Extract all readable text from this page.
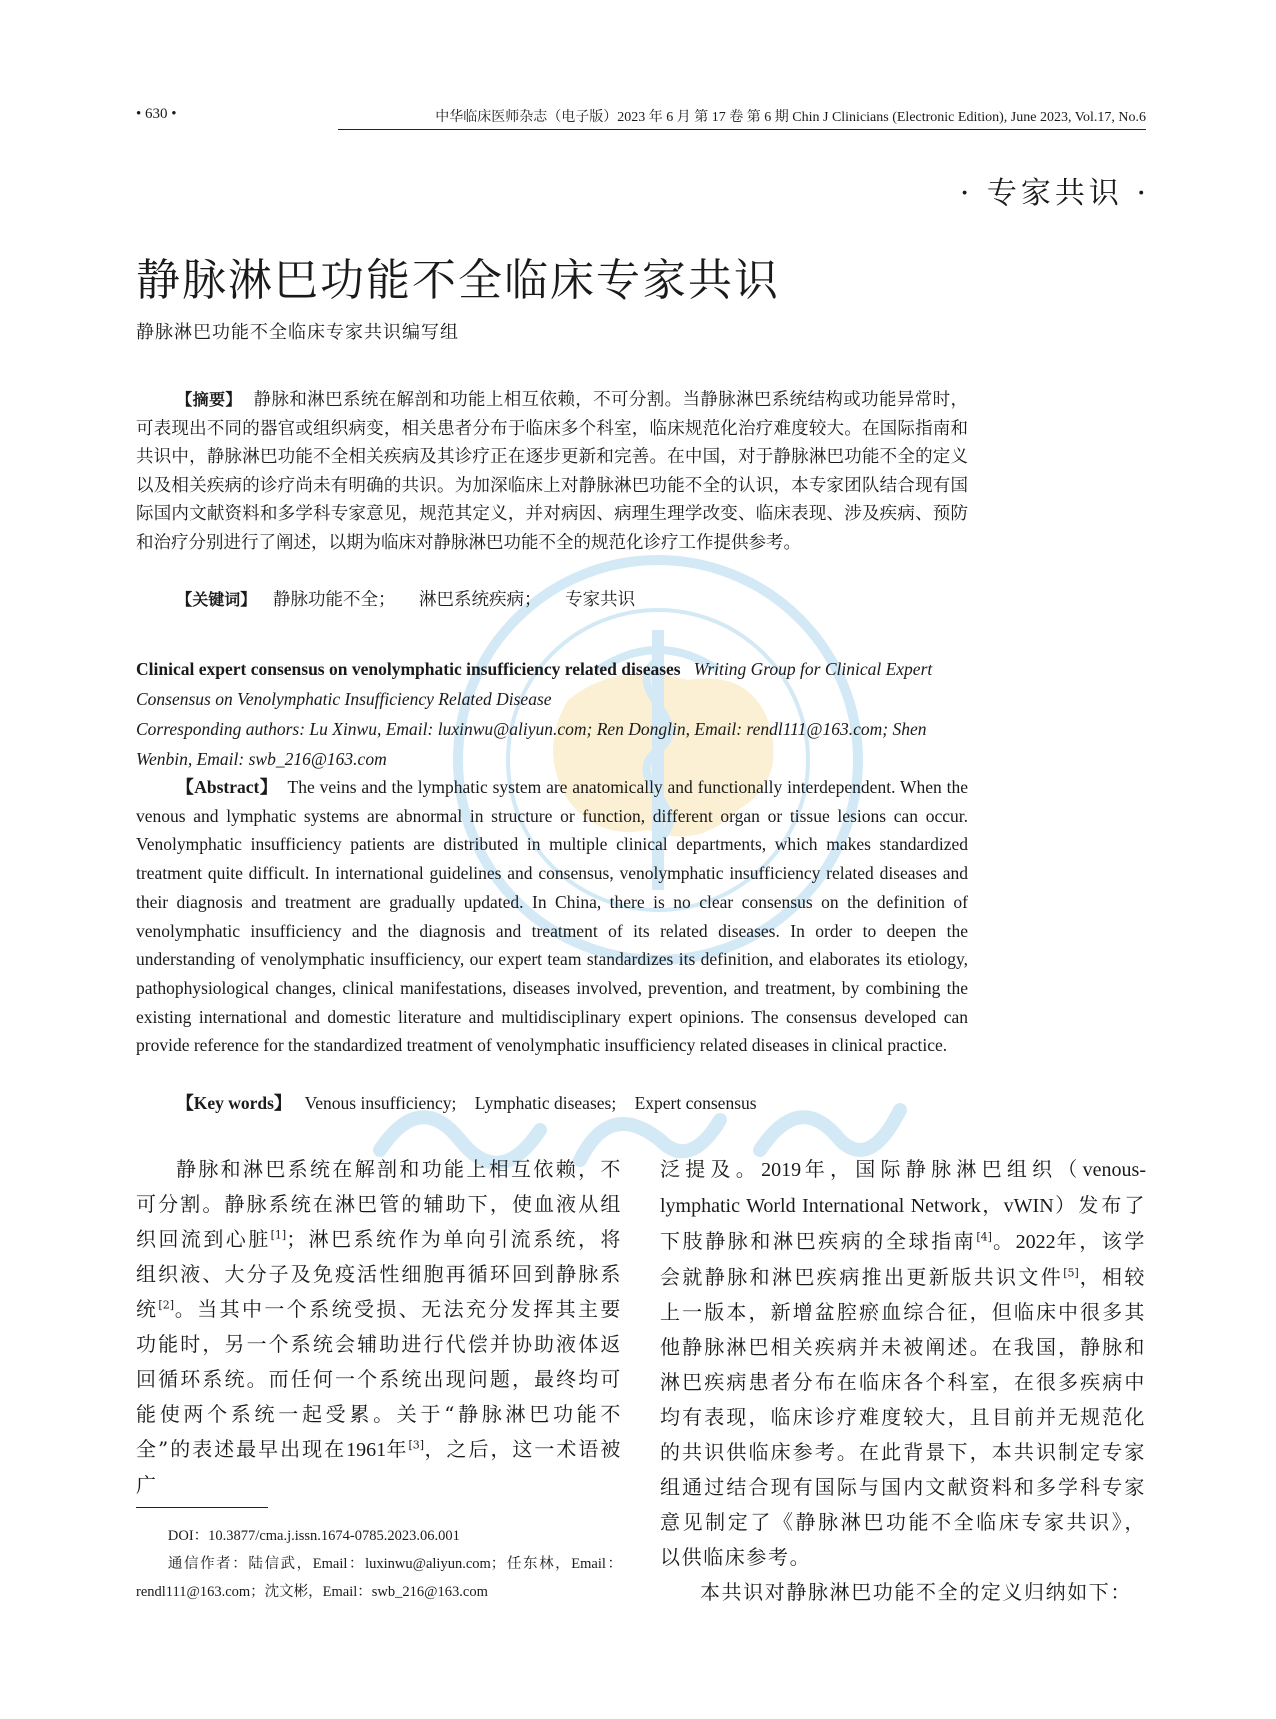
• 630 •	中华临床医师杂志（电子版）2023 年 6 月 第 17 卷 第 6 期 Chin J Clinicians (Electronic Edition), June 2023, Vol.17, No.6
· 专家共识 ·
静脉淋巴功能不全临床专家共识
静脉淋巴功能不全临床专家共识编写组
【摘要】 静脉和淋巴系统在解剖和功能上相互依赖，不可分割。当静脉淋巴系统结构或功能异常时，可表现出不同的器官或组织病变，相关患者分布于临床多个科室，临床规范化治疗难度较大。在国际指南和共识中，静脉淋巴功能不全相关疾病及其诊疗正在逐步更新和完善。在中国，对于静脉淋巴功能不全的定义以及相关疾病的诊疗尚未有明确的共识。为加深临床上对静脉淋巴功能不全的认识，本专家团队结合现有国际国内文献资料和多学科专家意见，规范其定义，并对病因、病理生理学改变、临床表现、涉及疾病、预防和治疗分别进行了阐述，以期为临床对静脉淋巴功能不全的规范化诊疗工作提供参考。
【关键词】 静脉功能不全； 淋巴系统疾病； 专家共识
Clinical expert consensus on venolymphatic insufficiency related diseases Writing Group for Clinical Expert Consensus on Venolymphatic Insufficiency Related Disease
Corresponding authors: Lu Xinwu, Email: luxinwu@aliyun.com; Ren Donglin, Email: rendl111@163.com; Shen Wenbin, Email: swb_216@163.com
【Abstract】 The veins and the lymphatic system are anatomically and functionally interdependent. When the venous and lymphatic systems are abnormal in structure or function, different organ or tissue lesions can occur. Venolymphatic insufficiency patients are distributed in multiple clinical departments, which makes standardized treatment quite difficult. In international guidelines and consensus, venolymphatic insufficiency related diseases and their diagnosis and treatment are gradually updated. In China, there is no clear consensus on the definition of venolymphatic insufficiency and the diagnosis and treatment of its related diseases. In order to deepen the understanding of venolymphatic insufficiency, our expert team standardizes its definition, and elaborates its etiology, pathophysiological changes, clinical manifestations, diseases involved, prevention, and treatment, by combining the existing international and domestic literature and multidisciplinary expert opinions. The consensus developed can provide reference for the standardized treatment of venolymphatic insufficiency related diseases in clinical practice.
【Key words】 Venous insufficiency; Lymphatic diseases; Expert consensus

静脉和淋巴系统在解剖和功能上相互依赖，不可分割。静脉系统在淋巴管的辅助下，使血液从组织回流到心脏[1]；淋巴系统作为单向引流系统，将组织液、大分子及免疫活性细胞再循环回到静脉系统[2]。当其中一个系统受损、无法充分发挥其主要功能时，另一个系统会辅助进行代偿并协助液体返回循环系统。而任何一个系统出现问题，最终均可能使两个系统一起受累。关于“静脉淋巴功能不全”的表述最早出现在1961年[3]，之后，这一术语被广

泛提及。2019年，国际静脉淋巴组织（venous-lymphatic World International Network，vWIN）发布了下肢静脉和淋巴疾病的全球指南[4]。2022年，该学会就静脉和淋巴疾病推出更新版共识文件[5]，相较上一版本，新增盆腔瘀血综合征，但临床中很多其他静脉淋巴相关疾病并未被阐述。在我国，静脉和淋巴疾病患者分布在临床各个科室，在很多疾病中均有表现，临床诊疗难度较大，且目前并无规范化的共识供临床参考。在此背景下，本共识制定专家组通过结合现有国际与国内文献资料和多学科专家意见制定了《静脉淋巴功能不全临床专家共识》，以供临床参考。

本共识对静脉淋巴功能不全的定义归纳如下：

DOI：10.3877/cma.j.issn.1674-0785.2023.06.001

通信作者：陆信武，Email：luxinwu@aliyun.com；任东林，Email：rendl111@163.com；沈文彬，Email：swb_216@163.com
